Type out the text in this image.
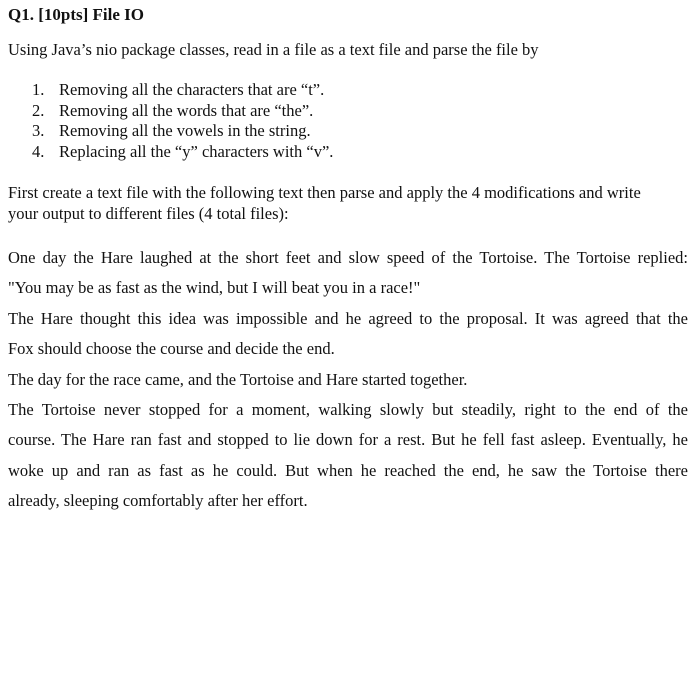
Q1. [10pts] File IO
Using Java’s nio package classes, read in a file as a text file and parse the file by
1. Removing all the characters that are “t”.
2. Removing all the words that are “the”.
3. Removing all the vowels in the string.
4. Replacing all the “y” characters with “v”.
First create a text file with the following text then parse and apply the 4 modifications and write
your output to different files (4 total files):
One day the Hare laughed at the short feet and slow speed of the Tortoise. The Tortoise replied:
"You may be as fast as the wind, but I will beat you in a race!"
The Hare thought this idea was impossible and he agreed to the proposal. It was agreed that the
Fox should choose the course and decide the end.
The day for the race came, and the Tortoise and Hare started together.
The Tortoise never stopped for a moment, walking slowly but steadily, right to the end of the
course. The Hare ran fast and stopped to lie down for a rest. But he fell fast asleep. Eventually, he
woke up and ran as fast as he could. But when he reached the end, he saw the Tortoise there
already, sleeping comfortably after her effort.
